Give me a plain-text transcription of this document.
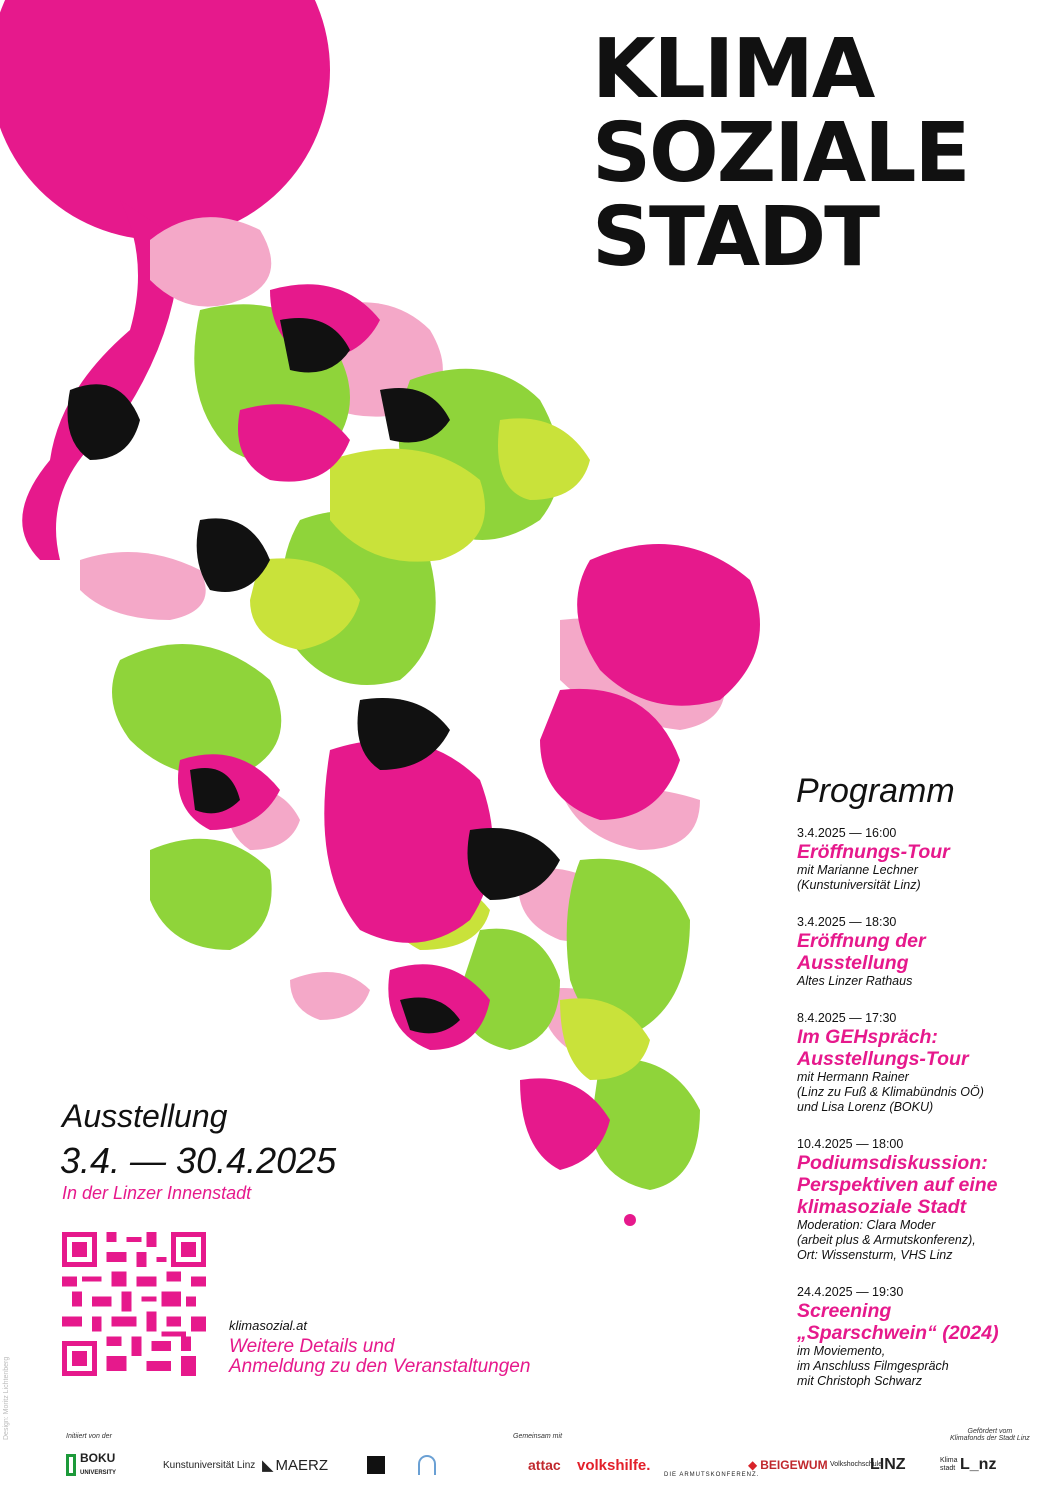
KLIMA
SOZIALE
STADT
Programm
3.4.2025 — 16:00
Eröffnungs-Tour
mit Marianne Lechner
(Kunstuniversität Linz)
3.4.2025 — 18:30
Eröffnung der
Ausstellung
Altes Linzer Rathaus
8.4.2025 — 17:30
Im GEHspräch:
Ausstellungs-Tour
mit Hermann Rainer
(Linz zu Fuß & Klimabündnis OÖ)
und Lisa Lorenz (BOKU)
10.4.2025 — 18:00
Podiumsdiskussion:
Perspektiven auf eine
klimasoziale Stadt
Moderation: Clara Moder
(arbeit plus & Armutskonferenz),
Ort: Wissensturm, VHS Linz
24.4.2025 — 19:30
Screening
„Sparschwein“ (2024)
im Moviemento,
im Anschluss Filmgespräch
mit Christoph Schwarz
Ausstellung
3.4. — 30.4.2025
In der Linzer Innenstadt
klimasozial.at
Weitere Details und
Anmeldung zu den Veranstaltungen
Design: Moritz Lichtenberg	Initiiert von der	Gemeinsam mit
Gefördert vom
Klimafonds der Stadt Linz
BOKU
UNIVERSITY
Kunstuniversität Linz ◣ MAERZ	attac volkshilfe.
DIE ARMUTSKONFERENZ.
◆ BEIGEWUM Volkshochschule
LINZ	Klima stadt L_nz
